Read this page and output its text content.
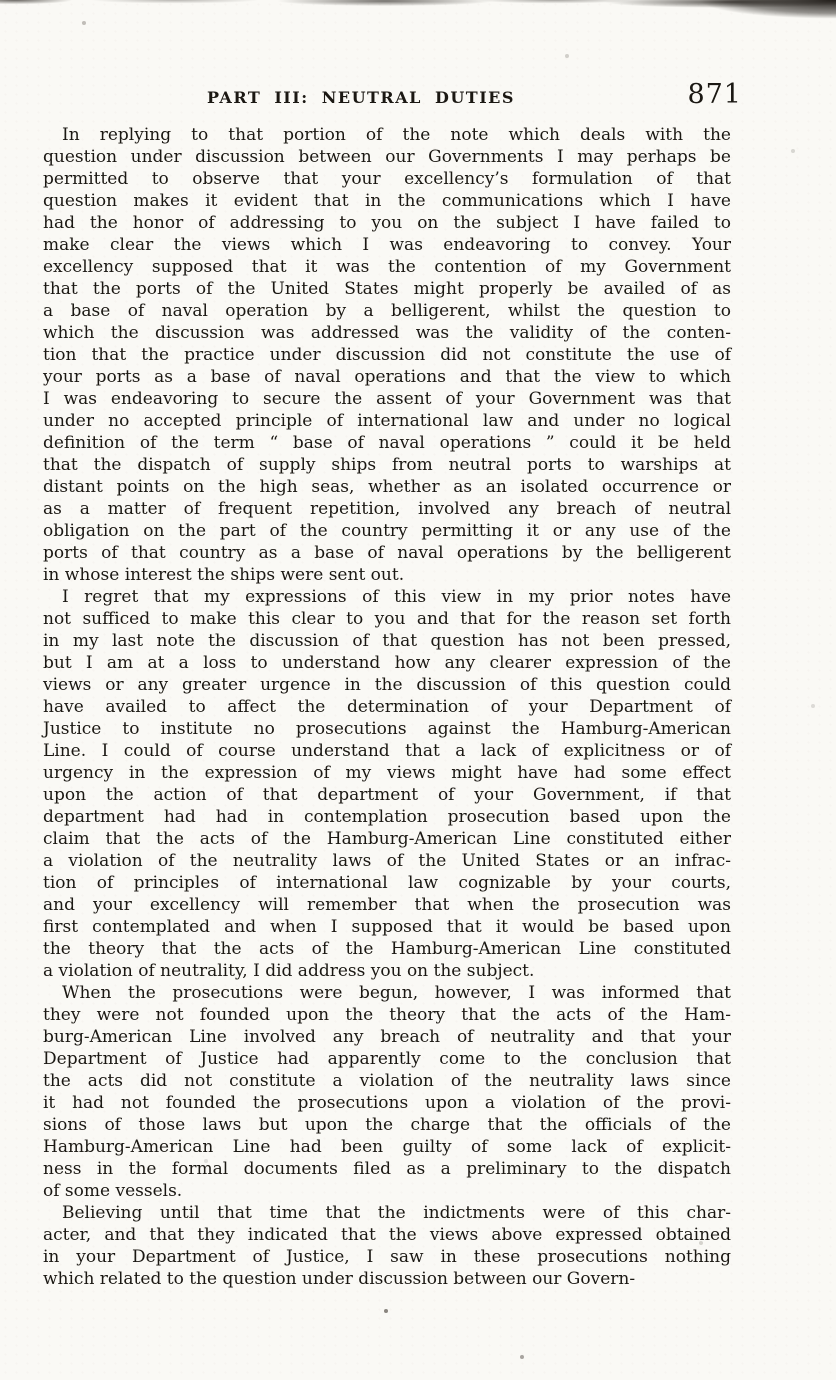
PART III: NEUTRAL DUTIES	871
In replying to that portion of the note which deals with the
question under discussion between our Governments I may perhaps be
permitted to observe that your excellency’s formulation of that
question makes it evident that in the communications which I have
had the honor of addressing to you on the subject I have failed to
make clear the views which I was endeavoring to convey. Your
excellency supposed that it was the contention of my Government
that the ports of the United States might properly be availed of as
a base of naval operation by a belligerent, whilst the question to
which the discussion was addressed was the validity of the conten-
tion that the practice under discussion did not constitute the use of
your ports as a base of naval operations and that the view to which
I was endeavoring to secure the assent of your Government was that
under no accepted principle of international law and under no logical
definition of the term “ base of naval operations ” could it be held
that the dispatch of supply ships from neutral ports to warships at
distant points on the high seas, whether as an isolated occurrence or
as a matter of frequent repetition, involved any breach of neutral
obligation on the part of the country permitting it or any use of the
ports of that country as a base of naval operations by the belligerent
in whose interest the ships were sent out.
I regret that my expressions of this view in my prior notes have
not sufficed to make this clear to you and that for the reason set forth
in my last note the discussion of that question has not been pressed,
but I am at a loss to understand how any clearer expression of the
views or any greater urgence in the discussion of this question could
have availed to affect the determination of your Department of
Justice to institute no prosecutions against the Hamburg-American
Line. I could of course understand that a lack of explicitness or of
urgency in the expression of my views might have had some effect
upon the action of that department of your Government, if that
department had had in contemplation prosecution based upon the
claim that the acts of the Hamburg-American Line constituted either
a violation of the neutrality laws of the United States or an infrac-
tion of principles of international law cognizable by your courts,
and your excellency will remember that when the prosecution was
first contemplated and when I supposed that it would be based upon
the theory that the acts of the Hamburg-American Line constituted
a violation of neutrality, I did address you on the subject.
When the prosecutions were begun, however, I was informed that
they were not founded upon the theory that the acts of the Ham-
burg-American Line involved any breach of neutrality and that your
Department of Justice had apparently come to the conclusion that
the acts did not constitute a violation of the neutrality laws since
it had not founded the prosecutions upon a violation of the provi-
sions of those laws but upon the charge that the officials of the
Hamburg-American Line had been guilty of some lack of explicit-
ness in the formal documents filed as a preliminary to the dispatch
of some vessels.
Believing until that time that the indictments were of this char-
acter, and that they indicated that the views above expressed obtained
in your Department of Justice, I saw in these prosecutions nothing
which related to the question under discussion between our Govern-
